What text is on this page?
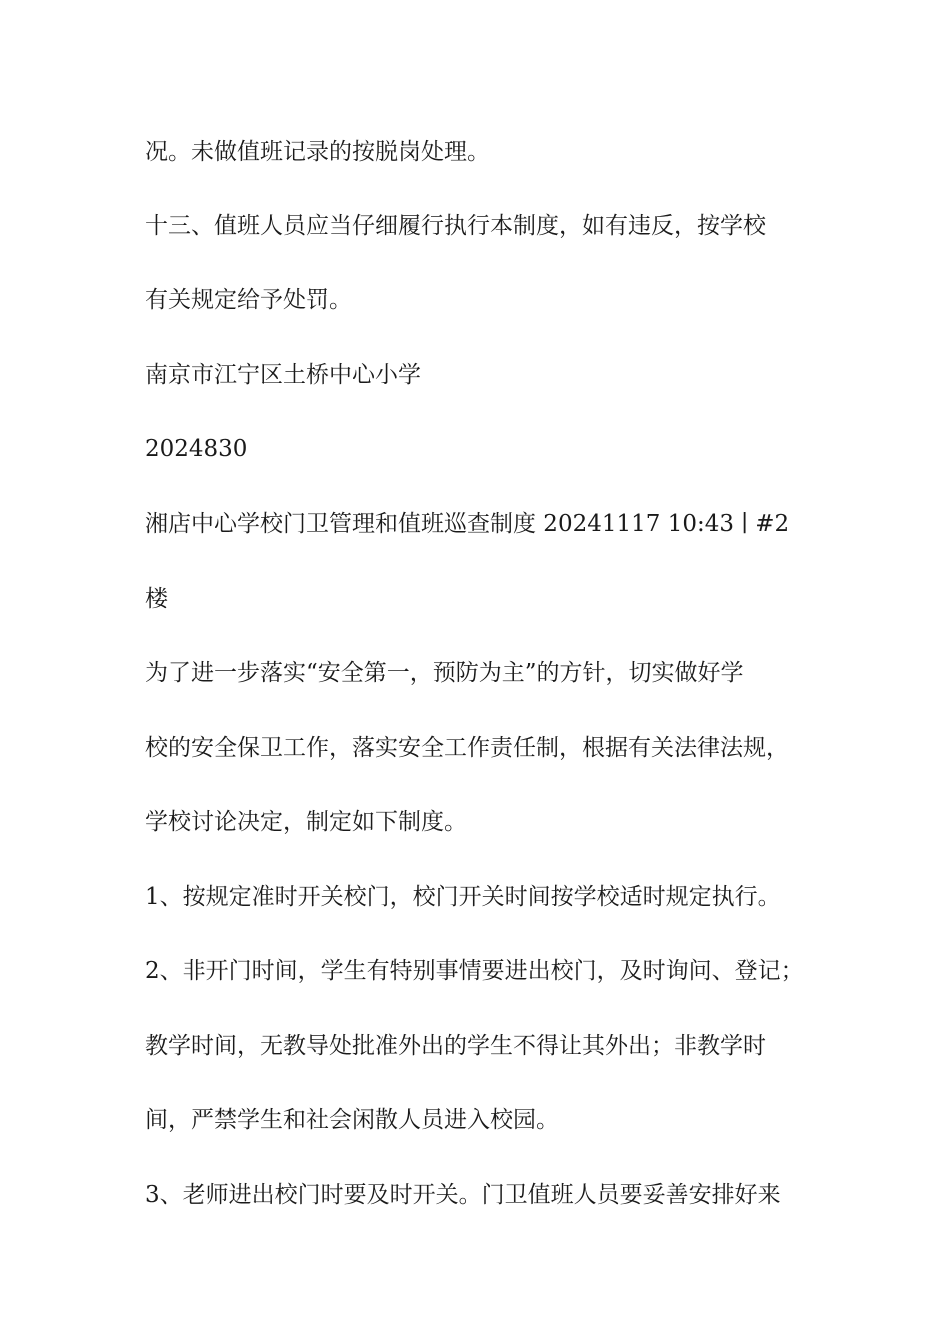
况。未做值班记录的按脱岗处理。

十三、值班人员应当仔细履行执行本制度，如有违反，按学校

有关规定给予处罚。

南京市江宁区土桥中心小学

2024830

湘店中心学校门卫管理和值班巡查制度 20241117 10:43 ∣ #2

楼

为了进一步落实“安全第一，预防为主”的方针，切实做好学

校的安全保卫工作，落实安全工作责任制，根据有关法律法规，

学校讨论决定，制定如下制度。

1、按规定准时开关校门，校门开关时间按学校适时规定执行。

2、非开门时间，学生有特别事情要进出校门，及时询问、登记；

教学时间，无教导处批准外出的学生不得让其外出；非教学时

间，严禁学生和社会闲散人员进入校园。

3、老师进出校门时要及时开关。门卫值班人员要妥善安排好来
